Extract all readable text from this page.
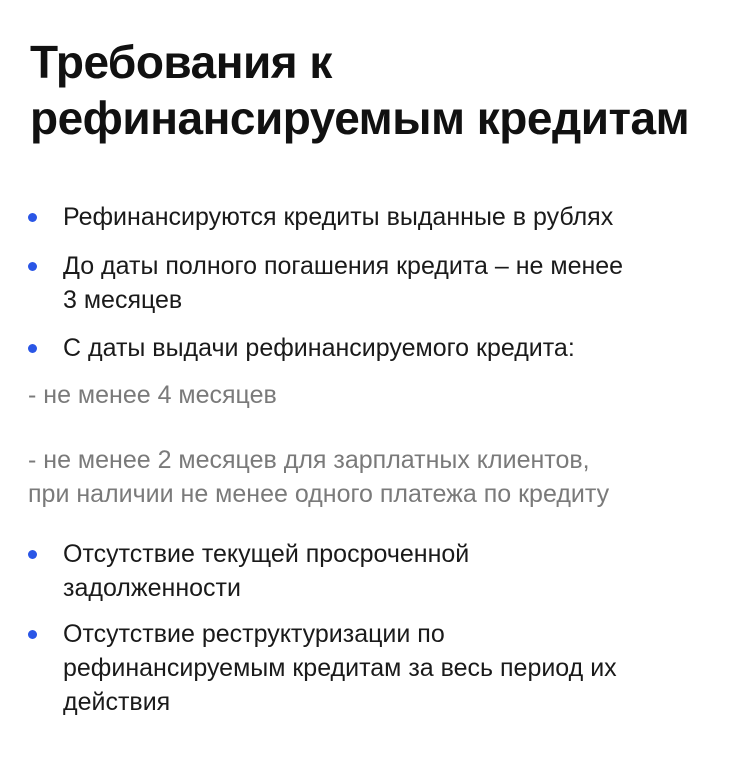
Требования к
рефинансируемым кредитам
Рефинансируются кредиты выданные в рублях
До даты полного погашения кредита – не менее
3 месяцев
С даты выдачи рефинансируемого кредита:
- не менее 4 месяцев
- не менее 2 месяцев для зарплатных клиентов,
при наличии не менее одного платежа по кредиту
Отсутствие текущей просроченной
задолженности
Отсутствие реструктуризации по
рефинансируемым кредитам за весь период их
действия
